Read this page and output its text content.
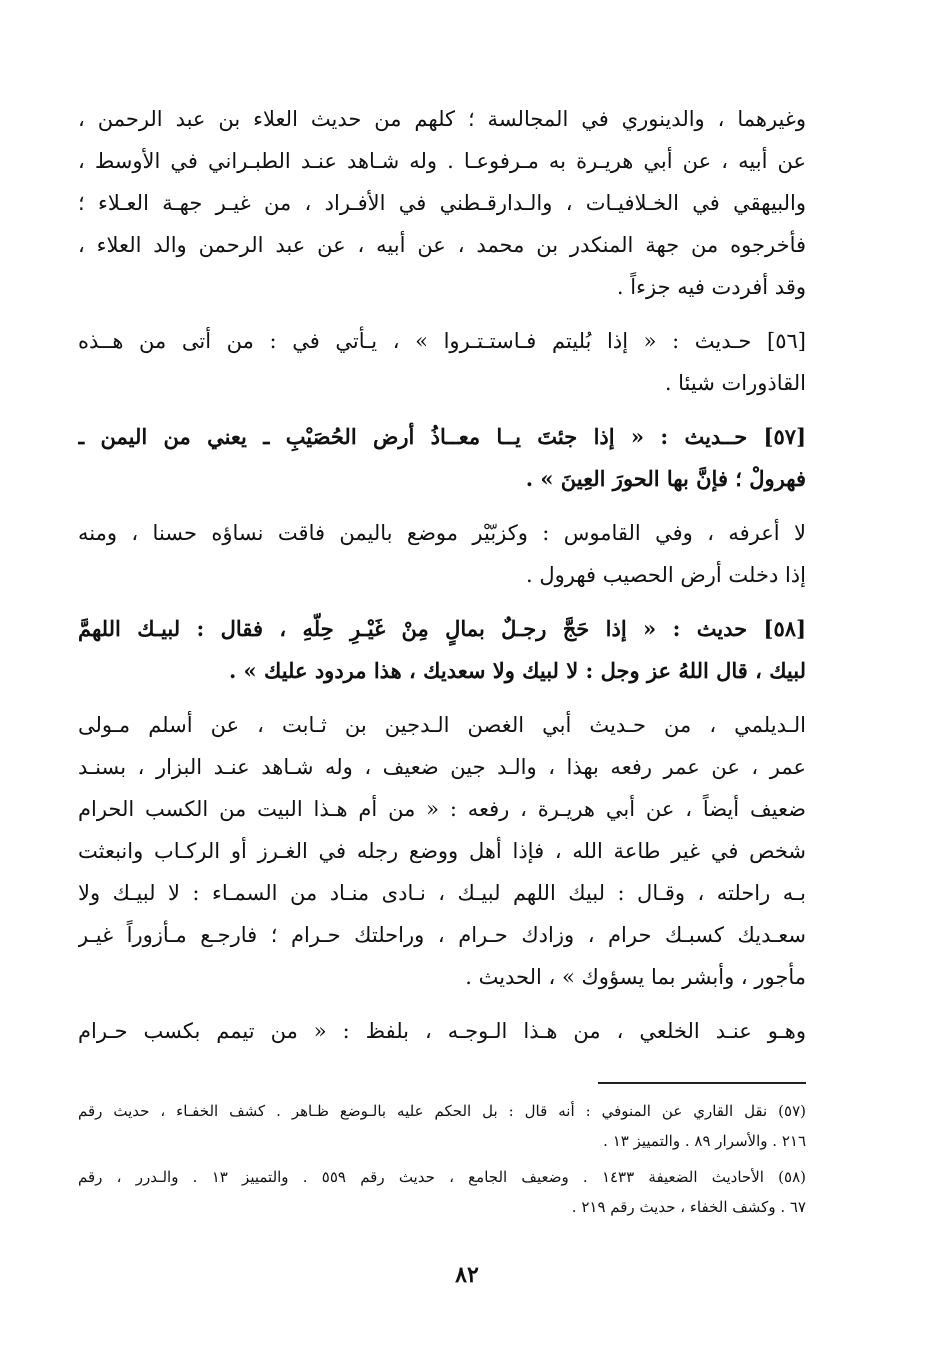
وغيرهما ، والدينوري في المجالسة ؛ كلهم من حديث العلاء بن عبد الرحمن ،
عن أبيه ، عن أبي هريـرة به مـرفوعـا . وله شـاهد عنـد الطبـراني في الأوسط ،
والبيهقي في الخـلافيـات ، والـدارقـطني في الأفـراد ، من غيـر جهـة العـلاء ؛
فأخرجوه من جهة المنكدر بن محمد ، عن أبيه ، عن عبد الرحمن والد العلاء ،
وقد أفردت فيه جزءاً .
[٥٦] حـديث : « إذا بُليتم فـاستـتـروا » ، يـأتي في : من أتى من هــذه
القاذورات شيئا .
[٥٧] حــديث : « إذا جئتَ يــا معــاذُ أرض الحُصَيْبِ ـ يعني من اليمن ـ
فهرولْ ؛ فإنَّ بها الحورَ العِينَ » .
لا أعرفه ، وفي القاموس : وكزبّيْر موضع باليمن فاقت نساؤه حسنا ، ومنه
إذا دخلت أرض الحصيب فهرول .
[٥٨] حديث : « إذا حَجَّ رجـلٌ بمالٍ مِنْ غَيْـرِ حِلّهِ ، فقال : لبيـك اللهمَّ
لبيك ، قال اللهُ عز وجل : لا لبيك ولا سعديك ، هذا مردود عليك » .
الـديلمي ، من حـديث أبي الغصن الـدجين بن ثـابت ، عن أسلم مـولى
عمر ، عن عمر رفعه بهذا ، والـد جين ضعيف ، وله شـاهد عنـد البزار ، بسنـد
ضعيف أيضاً ، عن أبي هريـرة ، رفعه : « من أم هـذا البيت من الكسب الحرام
شخص في غير طاعة الله ، فإذا أهل ووضع رجله في الغـرز أو الركـاب وانبعثت
بـه راحلته ، وقـال : لبيك اللهم لبيـك ، نـادى منـاد من السمـاء : لا لبيـك ولا
سعـديك كسبـك حرام ، وزادك حـرام ، وراحلتك حـرام ؛ فارجـع مـأزوراً غيـر
مأجور ، وأبشر بما يسؤوك » ، الحديث .
وهـو عنـد الخلعي ، من هـذا الـوجـه ، بلفظ : « من تيمم بكسب حـرام
(٥٧) نقل القاري عن المنوفي : أنه قال : بل الحكم عليه بالـوضع ظـاهر . كشف الخفـاء ، حديث رقم
٢١٦ . والأسرار ٨٩ . والتمييز ١٣ .
(٥٨) الأحاديث الضعيفة ١٤٣٣ . وضعيف الجامع ، حديث رقم ٥٥٩ . والتمييز ١٣ . والـدرر ، رقم
٦٧ . وكشف الخفاء ، حديث رقم ٢١٩ .
٨٢
